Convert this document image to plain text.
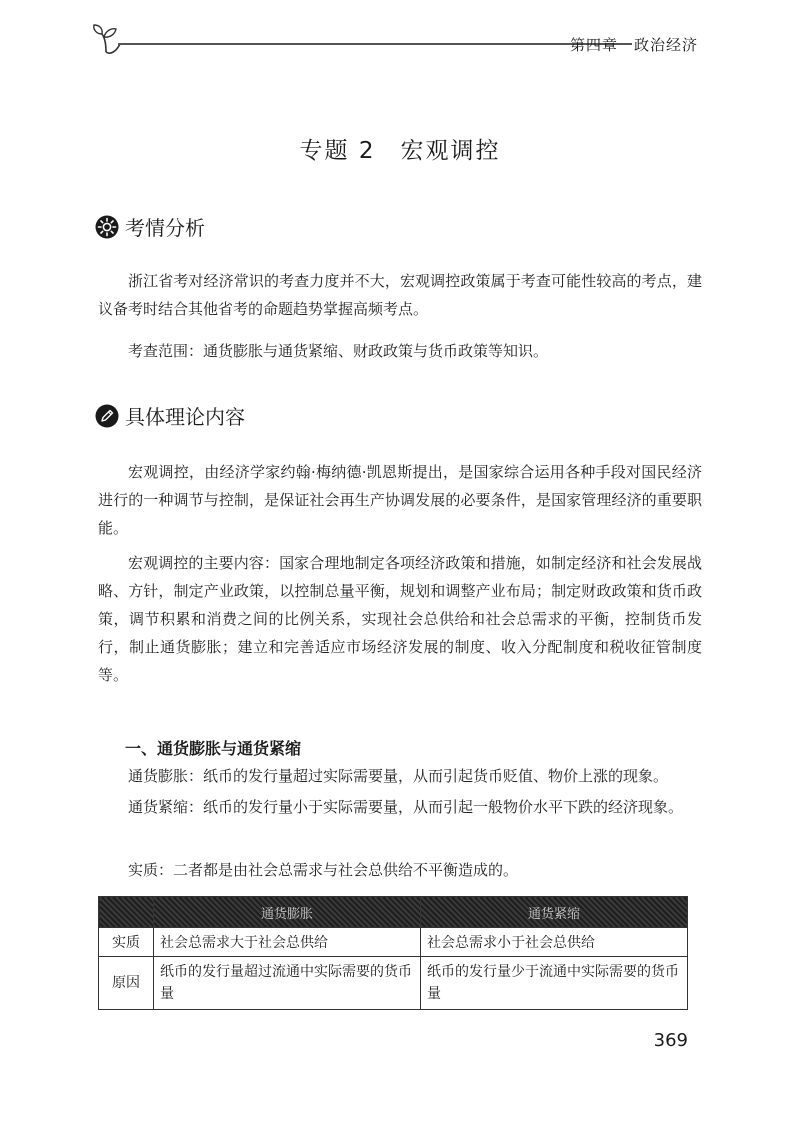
第四章 政治经济
专题 2　宏观调控
考情分析
浙江省考对经济常识的考查力度并不大，宏观调控政策属于考查可能性较高的考点，建议备考时结合其他省考的命题趋势掌握高频考点。
考查范围：通货膨胀与通货紧缩、财政政策与货币政策等知识。
具体理论内容
宏观调控，由经济学家约翰·梅纳德·凯恩斯提出，是国家综合运用各种手段对国民经济进行的一种调节与控制，是保证社会再生产协调发展的必要条件，是国家管理经济的重要职能。
宏观调控的主要内容：国家合理地制定各项经济政策和措施，如制定经济和社会发展战略、方针，制定产业政策，以控制总量平衡，规划和调整产业布局；制定财政政策和货币政策，调节积累和消费之间的比例关系，实现社会总供给和社会总需求的平衡，控制货币发行，制止通货膨胀；建立和完善适应市场经济发展的制度、收入分配制度和税收征管制度等。
一、通货膨胀与通货紧缩
通货膨胀：纸币的发行量超过实际需要量，从而引起货币贬值、物价上涨的现象。
通货紧缩：纸币的发行量小于实际需要量，从而引起一般物价水平下跌的经济现象。
实质：二者都是由社会总需求与社会总供给不平衡造成的。
	通货膨胀	通货紧缩
实质	社会总需求大于社会总供给	社会总需求小于社会总供给
原因	纸币的发行量超过流通中实际需要的货币量	纸币的发行量少于流通中实际需要的货币量
369
